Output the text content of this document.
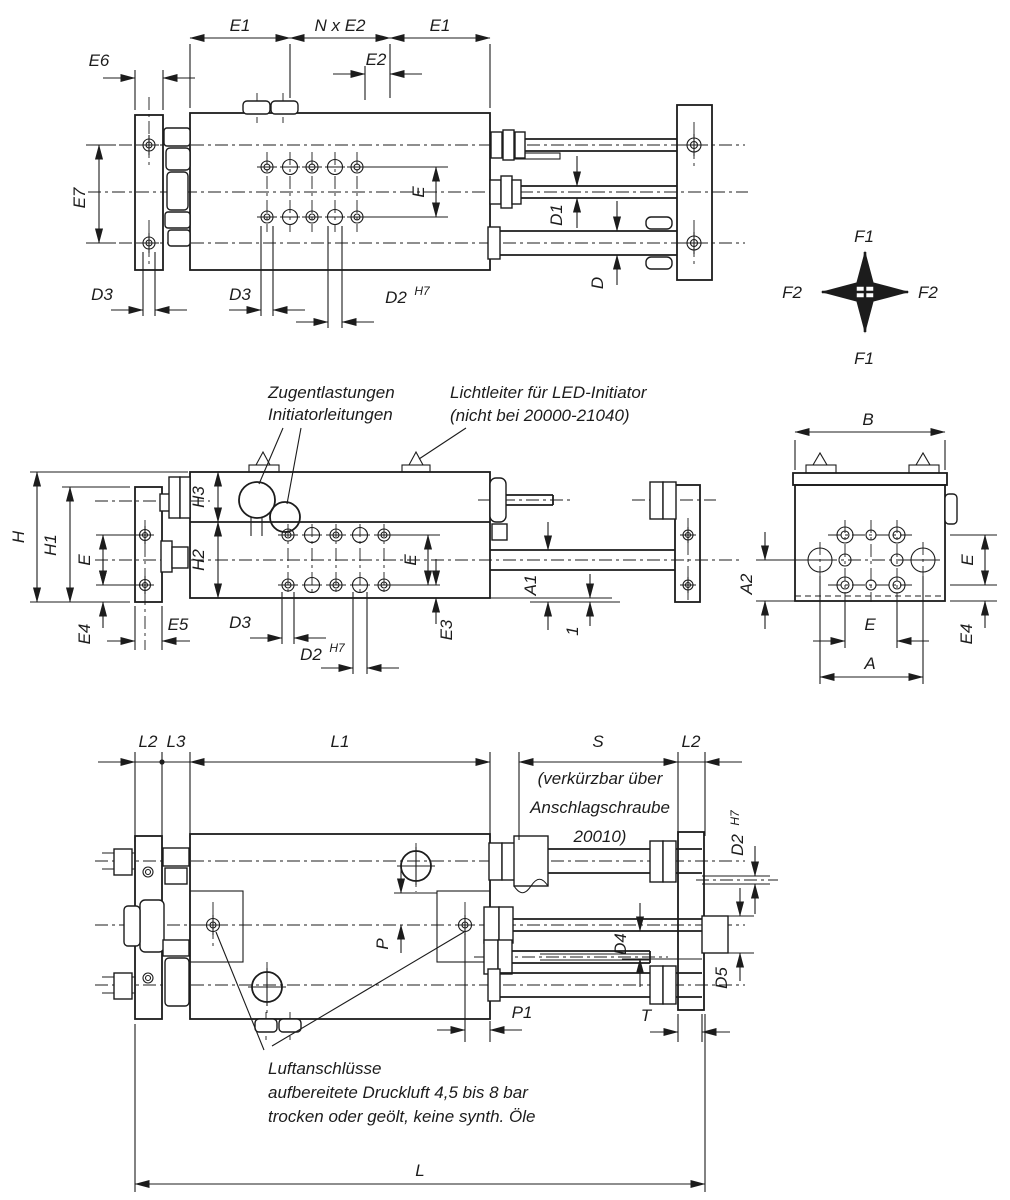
E1	N x E2	E1
E2
E6
E7
D3	D3	D2 H7
E
D1
D
F1
F1
F2	F2
Zugentlastungen
Initiatorleitungen
Lichtleiter für LED-Initiator
(nicht bei 20000-21040)
H H1
E
E4	E5
H3
H2
D3
D2 H7
E
E3
A1
1
B
A2
E
E4
E
A
L2 L3	L1	S	L2
(verkürzbar über
Anschlagschraube
20010)	D2
H7
P
P1
D4
D5
T
L
Luftanschlüsse
aufbereitete Druckluft 4,5 bis 8 bar
trocken oder geölt, keine synth. Öle
